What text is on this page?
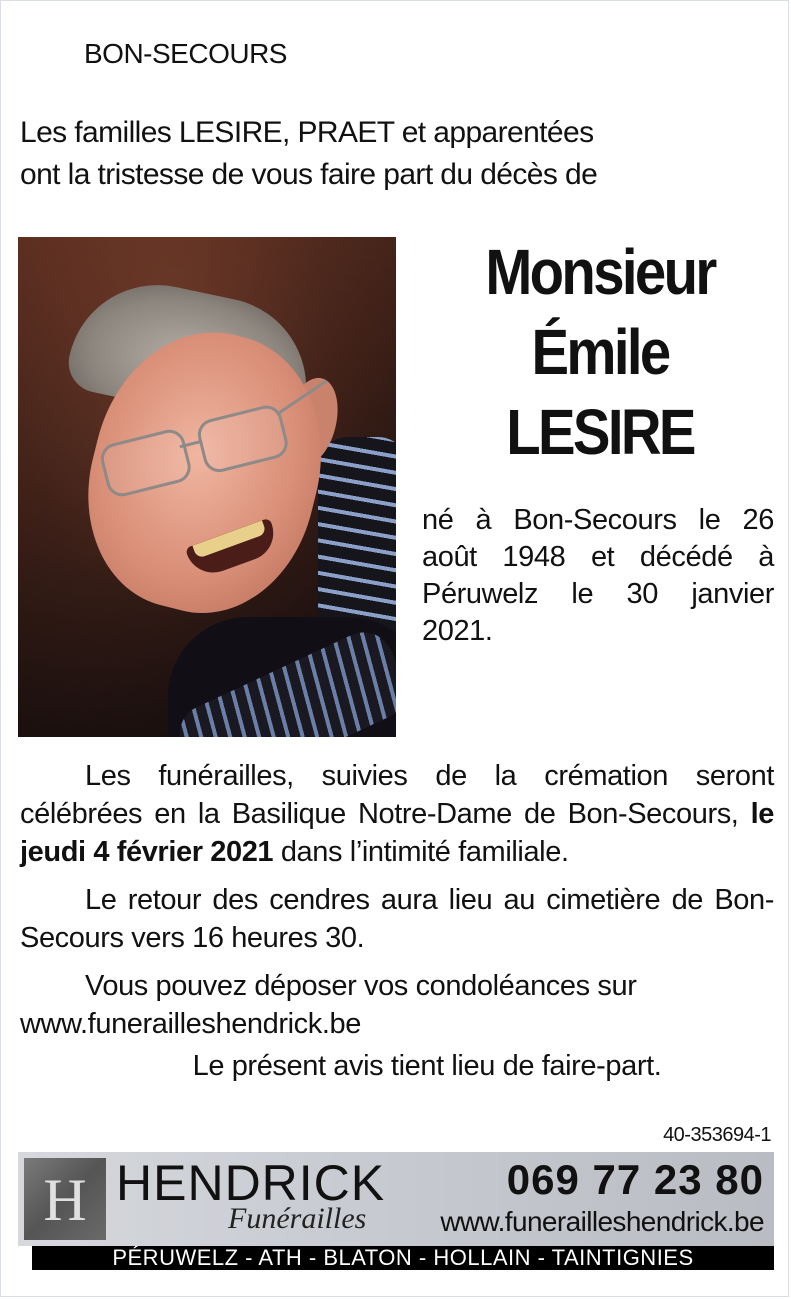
BON-SECOURS
Les familles LESIRE, PRAET et apparentées
ont la tristesse de vous faire part du décès de
Monsieur
Émile
LESIRE
né à Bon-Secours le 26 août 1948 et décédé à Péruwelz le 30 janvier 2021.

Les funérailles, suivies de la crémation seront célébrées en la Basilique Notre-Dame de Bon-Secours, le jeudi 4 février 2021 dans l’intimité familiale.

Le retour des cendres aura lieu au cimetière de Bon-Secours vers 16 heures 30.

Vous pouvez déposer vos condoléances sur
www.funerailleshendrick.be

Le présent avis tient lieu de faire-part.

40-353694-1
H HENDRICK
Funérailles
069 77 23 80
www.funerailleshendrick.be
PÉRUWELZ - ATH - BLATON - HOLLAIN - TAINTIGNIES
